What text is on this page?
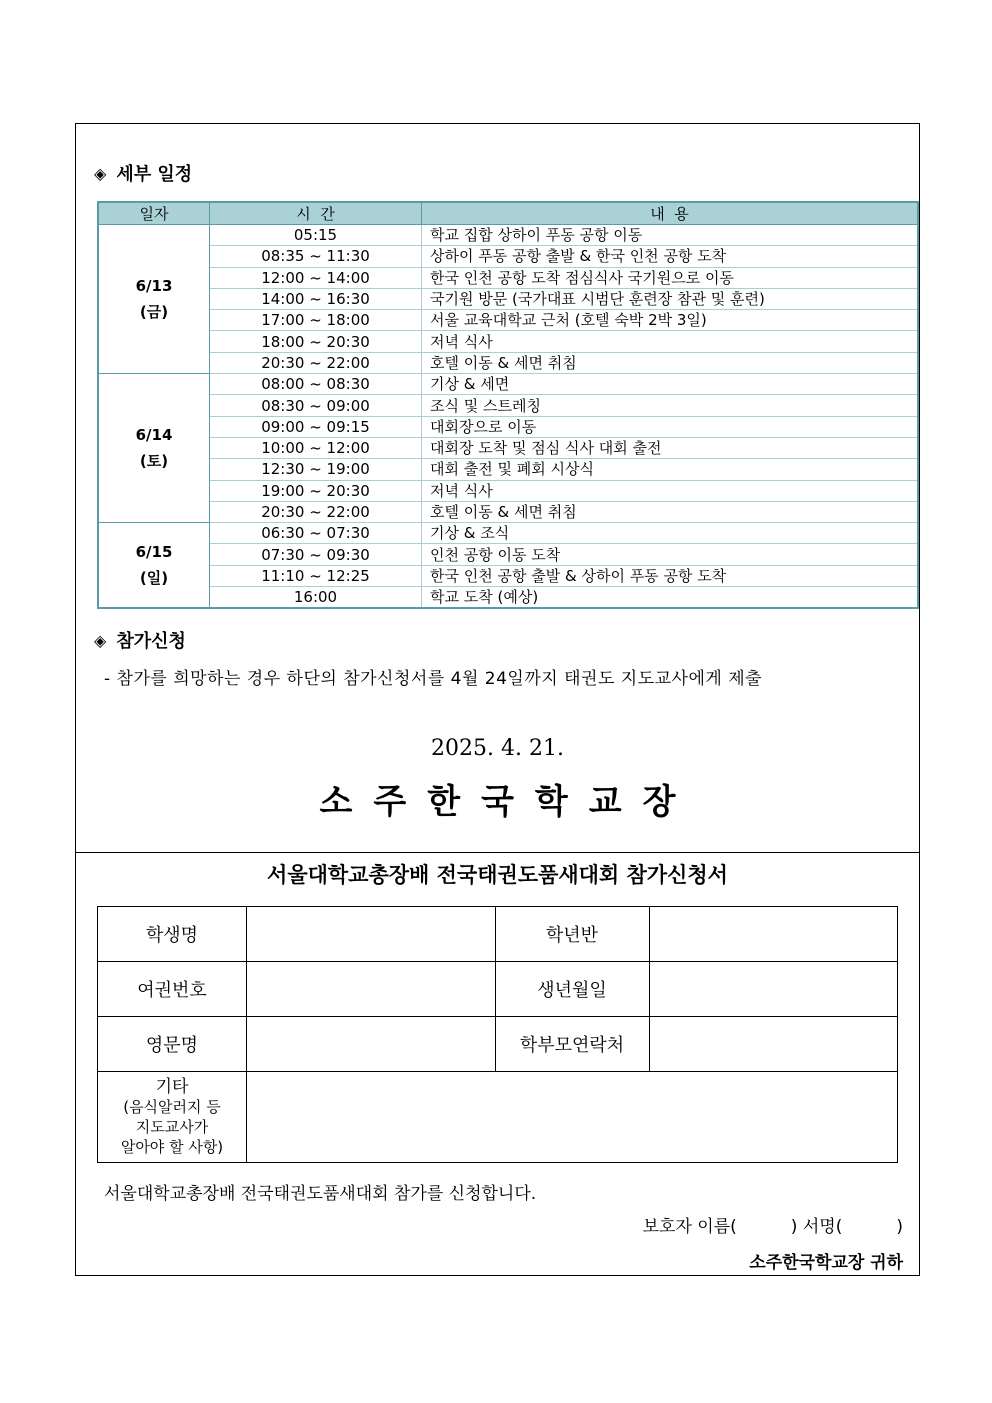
◈ 세부 일정
일자	시  간	내  용

6/13
(금)	05:15	학교 집합 상하이 푸동 공항 이동
	08:35 ~ 11:30	상하이 푸동 공항 출발 & 한국 인천 공항 도착
	12:00 ~ 14:00	한국 인천 공항 도착 점심식사 국기원으로 이동
	14:00 ~ 16:30	국기원 방문 (국가대표 시범단 훈련장 참관 및 훈련)
	17:00 ~ 18:00	서울 교육대학교 근처 (호텔 숙박 2박 3일)
	18:00 ~ 20:30	저녁 식사
	20:30 ~ 22:00	호텔 이동 & 세면 취침

6/14
(토)	08:00 ~ 08:30	기상 & 세면
	08:30 ~ 09:00	조식 및 스트레칭
	09:00 ~ 09:15	대회장으로 이동
	10:00 ~ 12:00	대회장 도착 및 점심 식사 대회 출전
	12:30 ~ 19:00	대회 출전 및 폐회 시상식
	19:00 ~ 20:30	저녁 식사
	20:30 ~ 22:00	호텔 이동 & 세면 취침

6/15
(일)	06:30 ~ 07:30	기상 & 조식
	07:30 ~ 09:30	인천 공항 이동 도착
	11:10 ~ 12:25	한국 인천 공항 출발 & 상하이 푸동 공항 도착
	16:00	학교 도착 (예상)
◈ 참가신청
- 참가를 희망하는 경우 하단의 참가신청서를 4월 24일까지 태권도 지도교사에게 제출
2025. 4. 21.
소주한국학교장
서울대학교총장배 전국태권도품새대회 참가신청서
학생명		학년반	
여권번호		생년월일	
영문명		학부모연락처	

기타
(음식알러지 등
지도교사가
알아야 할 사항)			

서울대학교총장배 전국태권도품새대회 참가를 신청합니다.
보호자 이름(          ) 서명(          )
소주한국학교장 귀하
